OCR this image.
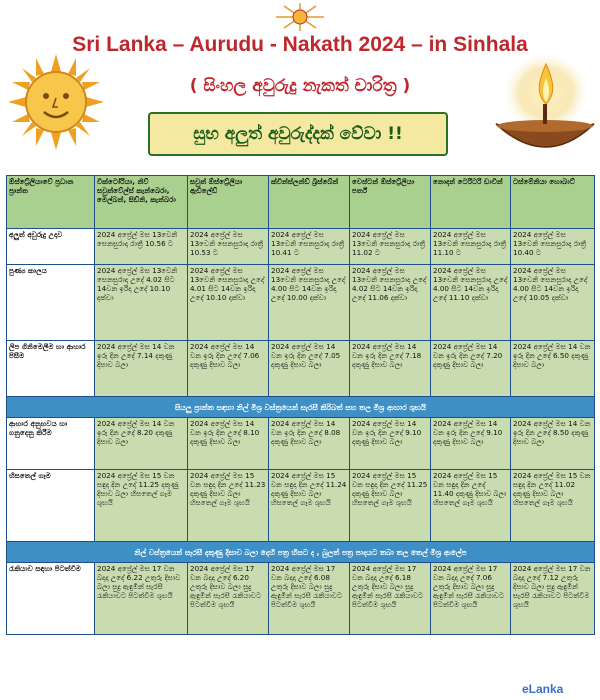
Sri Lanka – Aurudu - Nakath 2024 – in Sinhala
( සිංහල අවුරුදු නැකත් චාරිත්‍ර )
සුභ අලුත් අවුරුද්දක් වේවා !!
ඕස්ට්‍රේලියාවේ ප්‍රධාන ප්‍රාන්ත	වික්ටෝරියා, නිව් සවුත්වේල්ස් කැන්බෙරා, මෙල්බන්, සිඩ්නි, කැන්බරා	සවුත් ඕස්ට්‍රේලියා ඇඩිලේඩ්	ක්වීන්ස්ලන්ඩ් බ්‍රිස්බේන්	වෙස්ටන් ඕස්ට්‍රේලියා පර්ත්	නොදන් ටෙරිටරි ඩාවින්	ටස්මේනියා හොබාට්
අලුත් අවුරුදු උදාව	2024 අප්‍රේල් මස 13වෙනි සෙනසුරාදා රාත්‍රී 10.56 ට	2024 අප්‍රේල් මස 13වෙනි සෙනසුරාදා රාත්‍රී 10.53 ට	2024 අප්‍රේල් මස 13වෙනි සෙනසුරාදා රාත්‍රී 10.41 ට	2024 අප්‍රේල් මස 13වෙනි සෙනසුරාදා රාත්‍රී 11.02 ට	2024 අප්‍රේල් මස 13වෙනි සෙනසුරාදා රාත්‍රී 11.10 ට	2024 අප්‍රේල් මස 13වෙනි සෙනසුරාදා රාත්‍රී 10.40 ට
පුණ්‍ය කාලය	2024 අප්‍රේල් මස 13වෙනි සෙනසුරාදා උදේ 4.02 සිට 14වන ඉරිදා උදේ 10.10 දක්වා	2024 අප්‍රේල් මස 13වෙනි සෙනසුරාදා උදේ 4.01 සිට 14වන ඉරිදා උදේ 10.10 දක්වා	2024 අප්‍රේල් මස 13වෙනි සෙනසුරාදා උදේ 4.00 සිට 14වන ඉරිදා උදේ 10.00 දක්වා	2024 අප්‍රේල් මස 13වෙනි සෙනසුරාදා උදේ 4.02 සිට 14වන ඉරිදා උදේ 11.06 දක්වා	2024 අප්‍රේල් මස 13වෙනි සෙනසුරාදා උදේ 4.00 සිට 14වන ඉරිදා උදේ 11.10 දක්වා	2024 අප්‍රේල් මස 13වෙනි සෙනසුරාදා උදේ 4.00 සිට 14වන ඉරිදා උදේ 10.05 දක්වා
ලිප ගිනිමෙලීම හා ආහාර පිසීම	2024 අප්‍රේල් මස 14 වන ඉරු දින උදේ 7.14 දකුණු දිසාව බලා	2024 අප්‍රේල් මස 14 වන ඉරු දින උදේ 7.06 දකුණු දිසාව බලා	2024 අප්‍රේල් මස 14 වන ඉරු දින උදේ 7.05 දකුණු දිසාව බලා	2024 අප්‍රේල් මස 14 වන ඉරු දින උදේ 7.18 දකුණු දිසාව බලා	2024 අප්‍රේල් මස 14 වන ඉරු දින උදේ 7.20 දකුණු දිසාව බලා	2024 අප්‍රේල් මස 14 වන ඉරු දින උදේ 6.50 දකුණු දිසාව බලා
සියලු ප්‍රාන්ත සඳහා නිල් මිශ්‍ර වස්ත්‍රයෙන් සැරසී කිරිබත් සහ තල මිශ්‍ර ආහාර ශුභයි						
ආහාර අනුභවය හා ගනුදෙනු කිරීම	2024 අප්‍රේල් මස 14 වන ඉරු දින උදේ 8.20 දකුණු දිසාව බලා	2024 අප්‍රේල් මස 14 වන ඉරු දින උදේ 8.10 දකුණු දිසාව බලා	2024 අප්‍රේල් මස 14 වන ඉරු දින උදේ 8.08 දකුණු දිසාව බලා	2024 අප්‍රේල් මස 14 වන ඉරු දින උදේ 9.10 දකුණු දිසාව බලා	2024 අප්‍රේල් මස 14 වන ඉරු දින උදේ 9.10 දකුණු දිසාව බලා	2024 අප්‍රේල් මස 14 වන ඉරු දින උදේ 8.50 දකුණු දිසාව බලා
හිසතෙල් ගෑම	2024 අප්‍රේල් මස 15 වන සඳුදා දින උදේ 11.25 දකුණු දිසාව බලා හිසතෙල් ගෑම ශුභයි	2024 අප්‍රේල් මස 15 වන සඳුදා දින උදේ 11.23 දකුණු දිසාව බලා හිසතෙල් ගෑම ශුභයි	2024 අප්‍රේල් මස 15 වන සඳුදා දින උදේ 11.24 දකුණු දිසාව බලා හිසතෙල් ගෑම ශුභයි	2024 අප්‍රේල් මස 15 වන සඳුදා දින උදේ 11.25 දකුණු දිසාව බලා හිසතෙල් ගෑම ශුභයි	2024 අප්‍රේල් මස 15 වන සඳුදා දින උදේ 11.40 දකුණු දිසාව බලා හිසතෙල් ගෑම ශුභයි	2024 අප්‍රේල් මස 15 වන සඳුදා දින උදේ 11.02 දකුණු දිසාව බලා හිසතෙල් ගෑම ශුභයි
නිල් වස්ත්‍රයෙන් සැරසී දකුණු දිසාව බලා දෙහි පත්‍ර හිසට ද , බුලත් පත්‍ර පාදයට තබා තල තෙල් මිශ්‍ර ආලේප						
රැකියාව සඳහා පිටත්වීම	2024 අප්‍රේල් මස 17 වන බදාදා උදේ 6.22 උතුරු දිසාව බලා සුදු ඇඳුමින් සැරසී රැකියාවට පිටත්වීම ශුභයි	2024 අප්‍රේල් මස 17 වන බදාදා උදේ 6.20 උතුරු දිසාව බලා සුදු ඇඳුමින් සැරසී රැකියාවට පිටත්වීම ශුභයි	2024 අප්‍රේල් මස 17 වන බදාදා උදේ 6.08 උතුරු දිසාව බලා සුදු ඇඳුමින් සැරසී රැකියාවට පිටත්වීම ශුභයි	2024 අප්‍රේල් මස 17 වන බදාදා උදේ 6.18 උතුරු දිසාව බලා සුදු ඇඳුමින් සැරසී රැකියාවට පිටත්වීම ශුභයි	2024 අප්‍රේල් මස 17 වන බදාදා උදේ 7.06 උතුරු දිසාව බලා සුදු ඇඳුමින් සැරසී රැකියාවට පිටත්වීම ශුභයි	2024 අප්‍රේල් මස 17 වන බදාදා උදේ 7.12 උතුරු දිසාව බලා සුදු ඇඳුමින් සැරසී රැකියාවට පිටත්වීම ශුභයි
eLanka
